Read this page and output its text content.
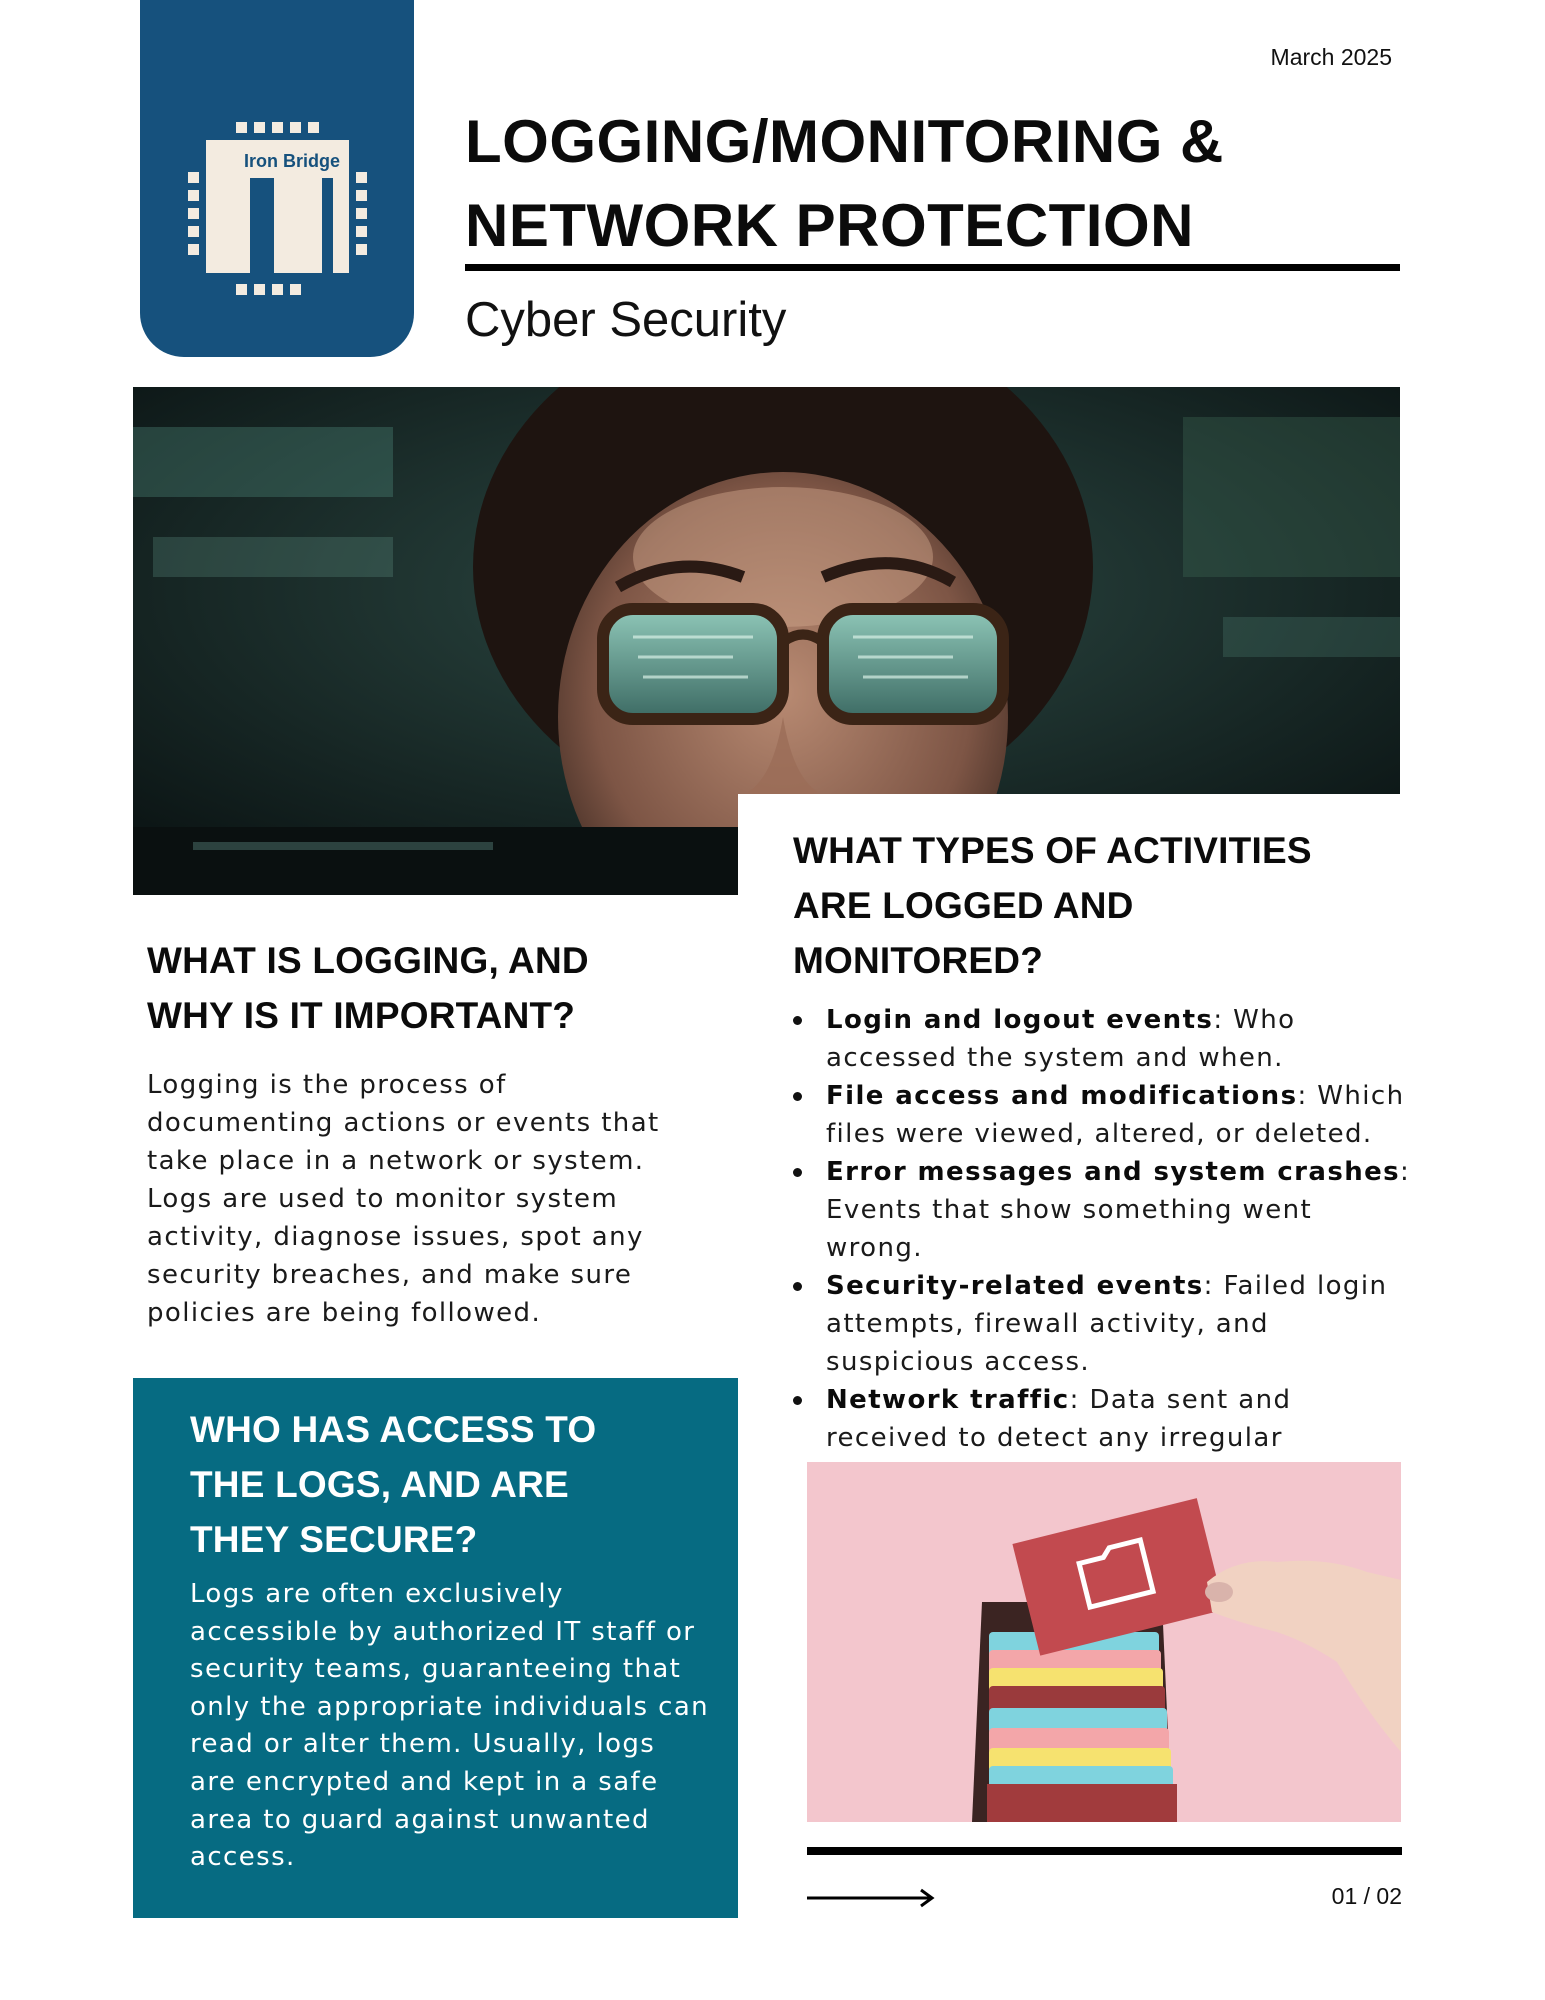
Iron Bridge
March 2025
LOGGING/MONITORING &
NETWORK PROTECTION
Cyber Security
WHAT IS LOGGING, AND
WHY IS IT IMPORTANT?

Logging is the process of documenting actions or events that take place in a network or system. Logs are used to monitor system activity, diagnose issues, spot any security breaches, and make sure policies are being followed.

WHAT TYPES OF ACTIVITIES
ARE LOGGED AND
MONITORED?
Login and logout events: Who accessed the system and when.
File access and modifications: Which files were viewed, altered, or deleted.
Error messages and system crashes: Events that show something went wrong.
Security-related events: Failed login attempts, firewall activity, and suspicious access.
Network traffic: Data sent and received to detect any irregular
WHO HAS ACCESS TO
THE LOGS, AND ARE
THEY SECURE?

Logs are often exclusively accessible by authorized IT staff or security teams, guaranteeing that only the appropriate individuals can read or alter them. Usually, logs are encrypted and kept in a safe area to guard against unwanted access.

01 / 02
